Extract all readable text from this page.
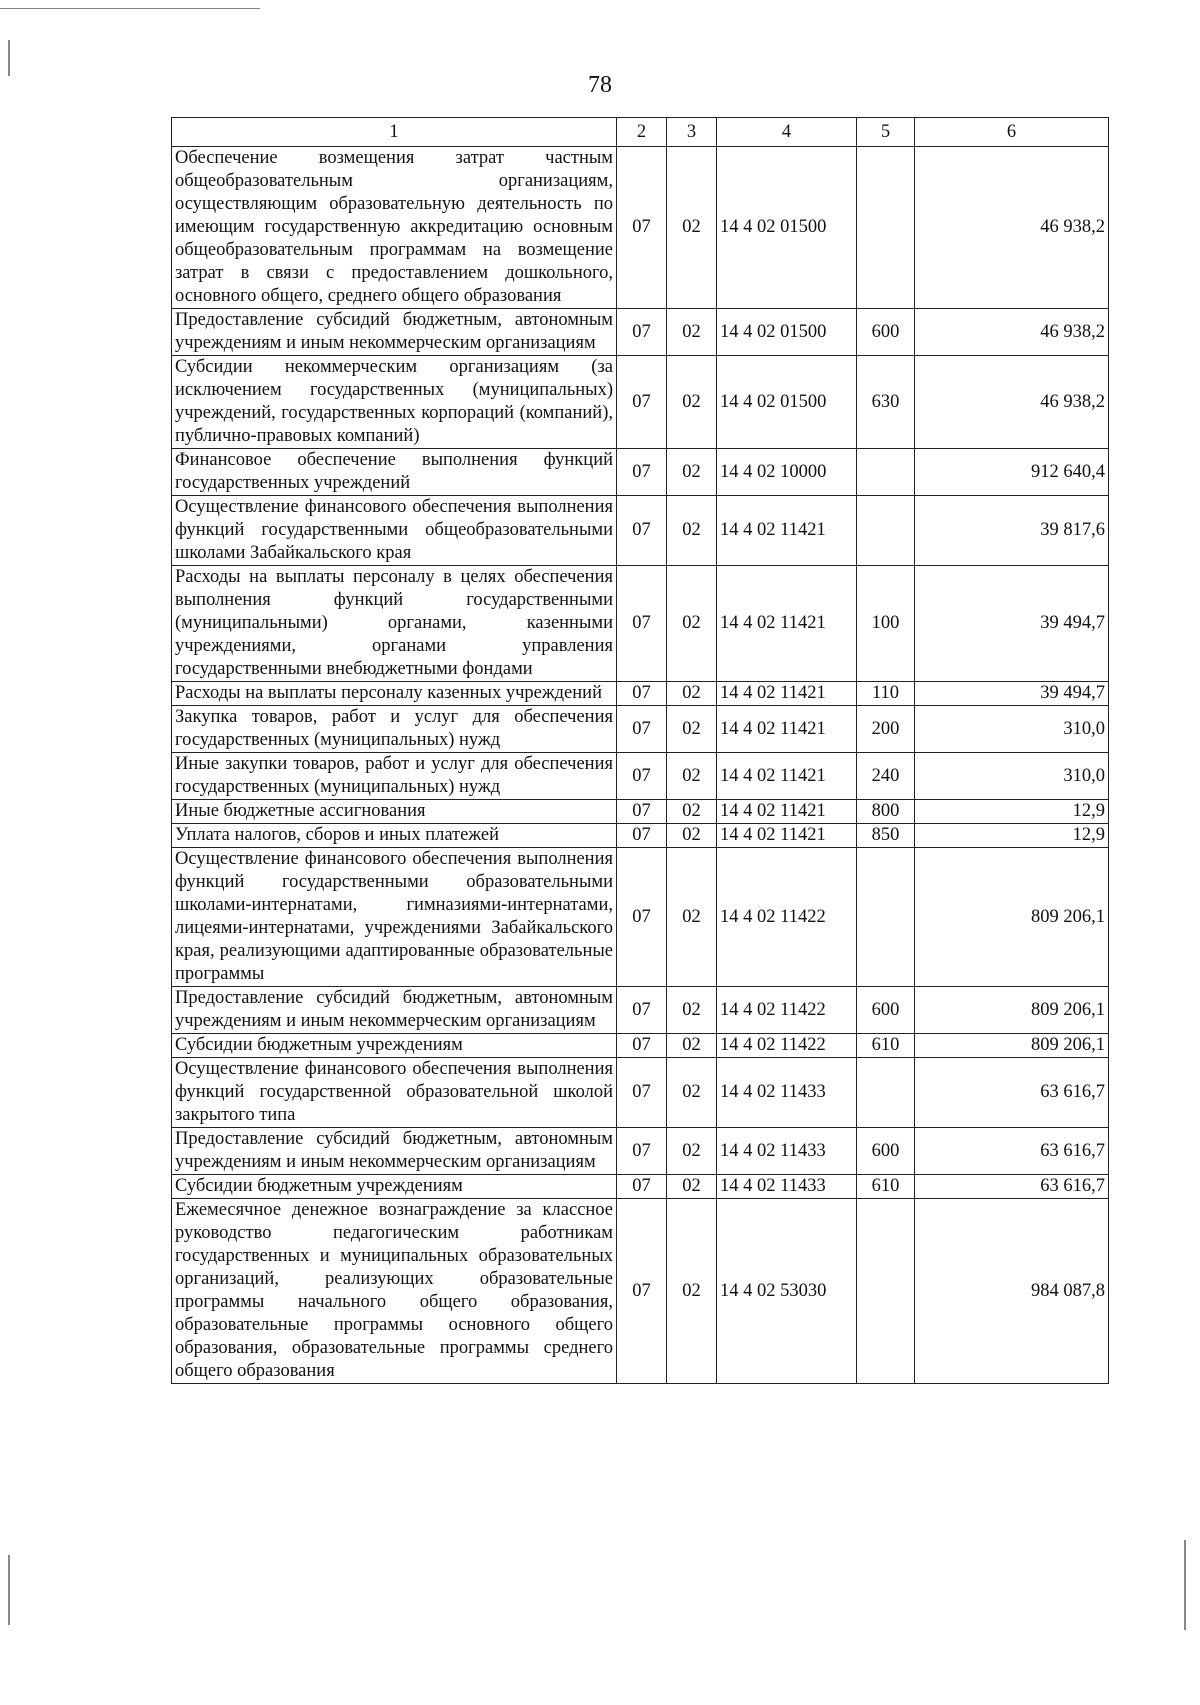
78
1	2	3	4	5	6
Обеспечение возмещения затрат частным общеобразовательным организациям, осуществляющим образовательную деятельность по имеющим государственную аккредитацию основным общеобразовательным программам на возмещение затрат в связи с предоставлением дошкольного, основного общего, среднего общего образования	07	02	14 4 02 01500		46 938,2
Предоставление субсидий бюджетным, автономным учреждениям и иным некоммерческим организациям	07	02	14 4 02 01500	600	46 938,2
Субсидии некоммерческим организациям (за исключением государственных (муниципальных) учреждений, государственных корпораций (компаний), публично-правовых компаний)	07	02	14 4 02 01500	630	46 938,2
Финансовое обеспечение выполнения функций государственных учреждений	07	02	14 4 02 10000		912 640,4
Осуществление финансового обеспечения выполнения функций государственными общеобразовательными школами Забайкальского края	07	02	14 4 02 11421		39 817,6
Расходы на выплаты персоналу в целях обеспечения выполнения функций государственными (муниципальными) органами, казенными учреждениями, органами управления государственными внебюджетными фондами	07	02	14 4 02 11421	100	39 494,7
Расходы на выплаты персоналу казенных учреждений	07	02	14 4 02 11421	110	39 494,7
Закупка товаров, работ и услуг для обеспечения государственных (муниципальных) нужд	07	02	14 4 02 11421	200	310,0
Иные закупки товаров, работ и услуг для обеспечения государственных (муниципальных) нужд	07	02	14 4 02 11421	240	310,0
Иные бюджетные ассигнования	07	02	14 4 02 11421	800	12,9
Уплата налогов, сборов и иных платежей	07	02	14 4 02 11421	850	12,9
Осуществление финансового обеспечения выполнения функций государственными образовательными школами-интернатами, гимназиями-интернатами, лицеями-интернатами, учреждениями Забайкальского края, реализующими адаптированные образовательные программы	07	02	14 4 02 11422		809 206,1
Предоставление субсидий бюджетным, автономным учреждениям и иным некоммерческим организациям	07	02	14 4 02 11422	600	809 206,1
Субсидии бюджетным учреждениям	07	02	14 4 02 11422	610	809 206,1
Осуществление финансового обеспечения выполнения функций государственной образовательной школой закрытого типа	07	02	14 4 02 11433		63 616,7
Предоставление субсидий бюджетным, автономным учреждениям и иным некоммерческим организациям	07	02	14 4 02 11433	600	63 616,7
Субсидии бюджетным учреждениям	07	02	14 4 02 11433	610	63 616,7
Ежемесячное денежное вознаграждение за классное руководство педагогическим работникам государственных и муниципальных образовательных организаций, реализующих образовательные программы начального общего образования, образовательные программы основного общего образования, образовательные программы среднего общего образования	07	02	14 4 02 53030		984 087,8
